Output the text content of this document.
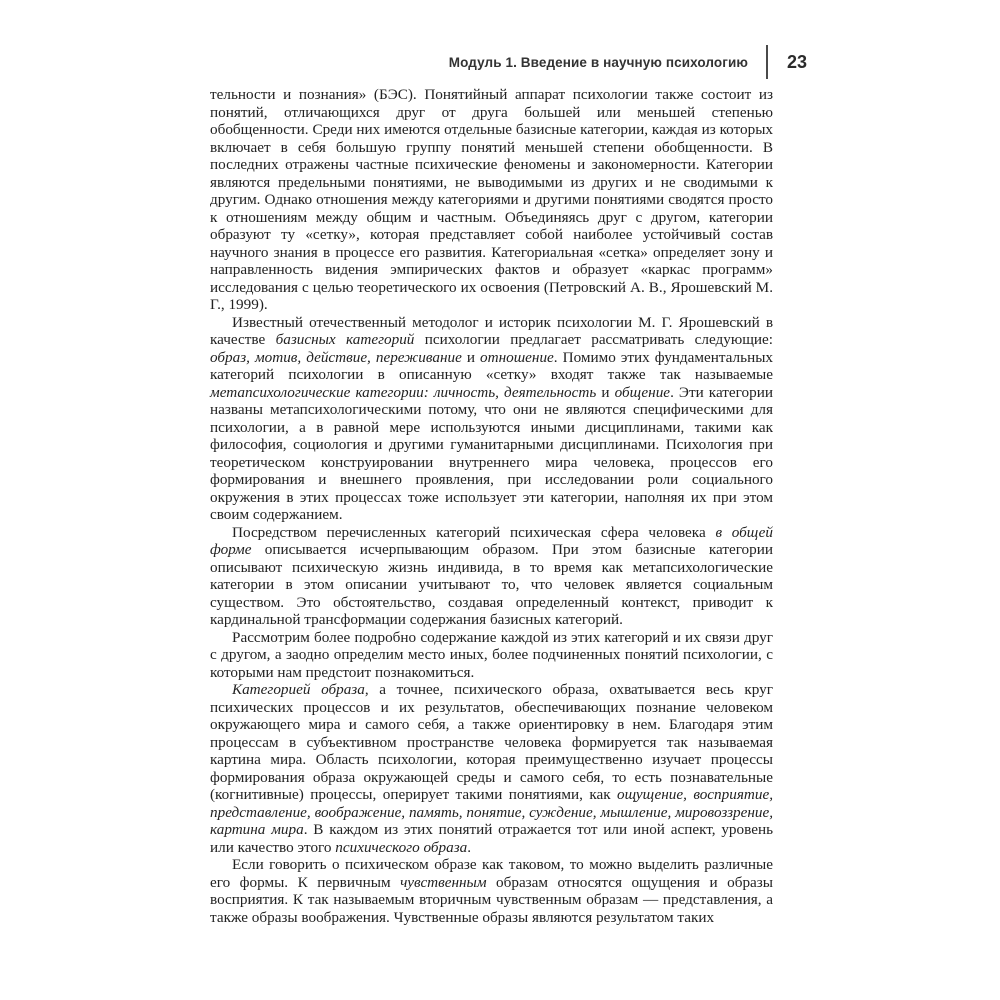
Модуль 1. Введение в научную психологию	23

тельности и познания» (БЭС). Понятийный аппарат психологии также состоит из понятий, отличающихся друг от друга большей или меньшей степенью обобщенности. Среди них имеются отдельные базисные категории, каждая из которых включает в себя большую группу понятий меньшей степени обобщенности. В последних отражены частные психические феномены и закономерности. Категории являются предельными понятиями, не выводимыми из других и не сводимыми к другим. Однако отношения между категориями и другими понятиями сводятся просто к отношениям между общим и частным. Объединяясь друг с другом, категории образуют ту «сетку», которая представляет собой наиболее устойчивый состав научного знания в процессе его развития. Категориальная «сетка» определяет зону и направленность видения эмпирических фактов и образует «каркас программ» исследования с целью теоретического их освоения (Петровский А. В., Ярошевский М. Г., 1999).

Известный отечественный методолог и историк психологии М. Г. Ярошевский в качестве базисных категорий психологии предлагает рассматривать следующие: образ, мотив, действие, переживание и отношение. Помимо этих фундаментальных категорий психологии в описанную «сетку» входят также так называемые метапсихологические категории: личность, деятельность и общение. Эти категории названы метапсихологическими потому, что они не являются специфическими для психологии, а в равной мере используются иными дисциплинами, такими как философия, социология и другими гуманитарными дисциплинами. Психология при теоретическом конструировании внутреннего мира человека, процессов его формирования и внешнего проявления, при исследовании роли социального окружения в этих процессах тоже использует эти категории, наполняя их при этом своим содержанием.

Посредством перечисленных категорий психическая сфера человека в общей форме описывается исчерпывающим образом. При этом базисные категории описывают психическую жизнь индивида, в то время как метапсихологические категории в этом описании учитывают то, что человек является социальным существом. Это обстоятельство, создавая определенный контекст, приводит к кардинальной трансформации содержания базисных категорий.

Рассмотрим более подробно содержание каждой из этих категорий и их связи друг с другом, а заодно определим место иных, более подчиненных понятий психологии, с которыми нам предстоит познакомиться.

Категорией образа, а точнее, психического образа, охватывается весь круг психических процессов и их результатов, обеспечивающих познание человеком окружающего мира и самого себя, а также ориентировку в нем. Благодаря этим процессам в субъективном пространстве человека формируется так называемая картина мира. Область психологии, которая преимущественно изучает процессы формирования образа окружающей среды и самого себя, то есть познавательные (когнитивные) процессы, оперирует такими понятиями, как ощущение, восприятие, представление, воображение, память, понятие, суждение, мышление, мировоззрение, картина мира. В каждом из этих понятий отражается тот или иной аспект, уровень или качество этого психического образа.

Если говорить о психическом образе как таковом, то можно выделить различные его формы. К первичным чувственным образам относятся ощущения и образы восприятия. К так называемым вторичным чувственным образам — представления, а также образы воображения. Чувственные образы являются результатом таких
